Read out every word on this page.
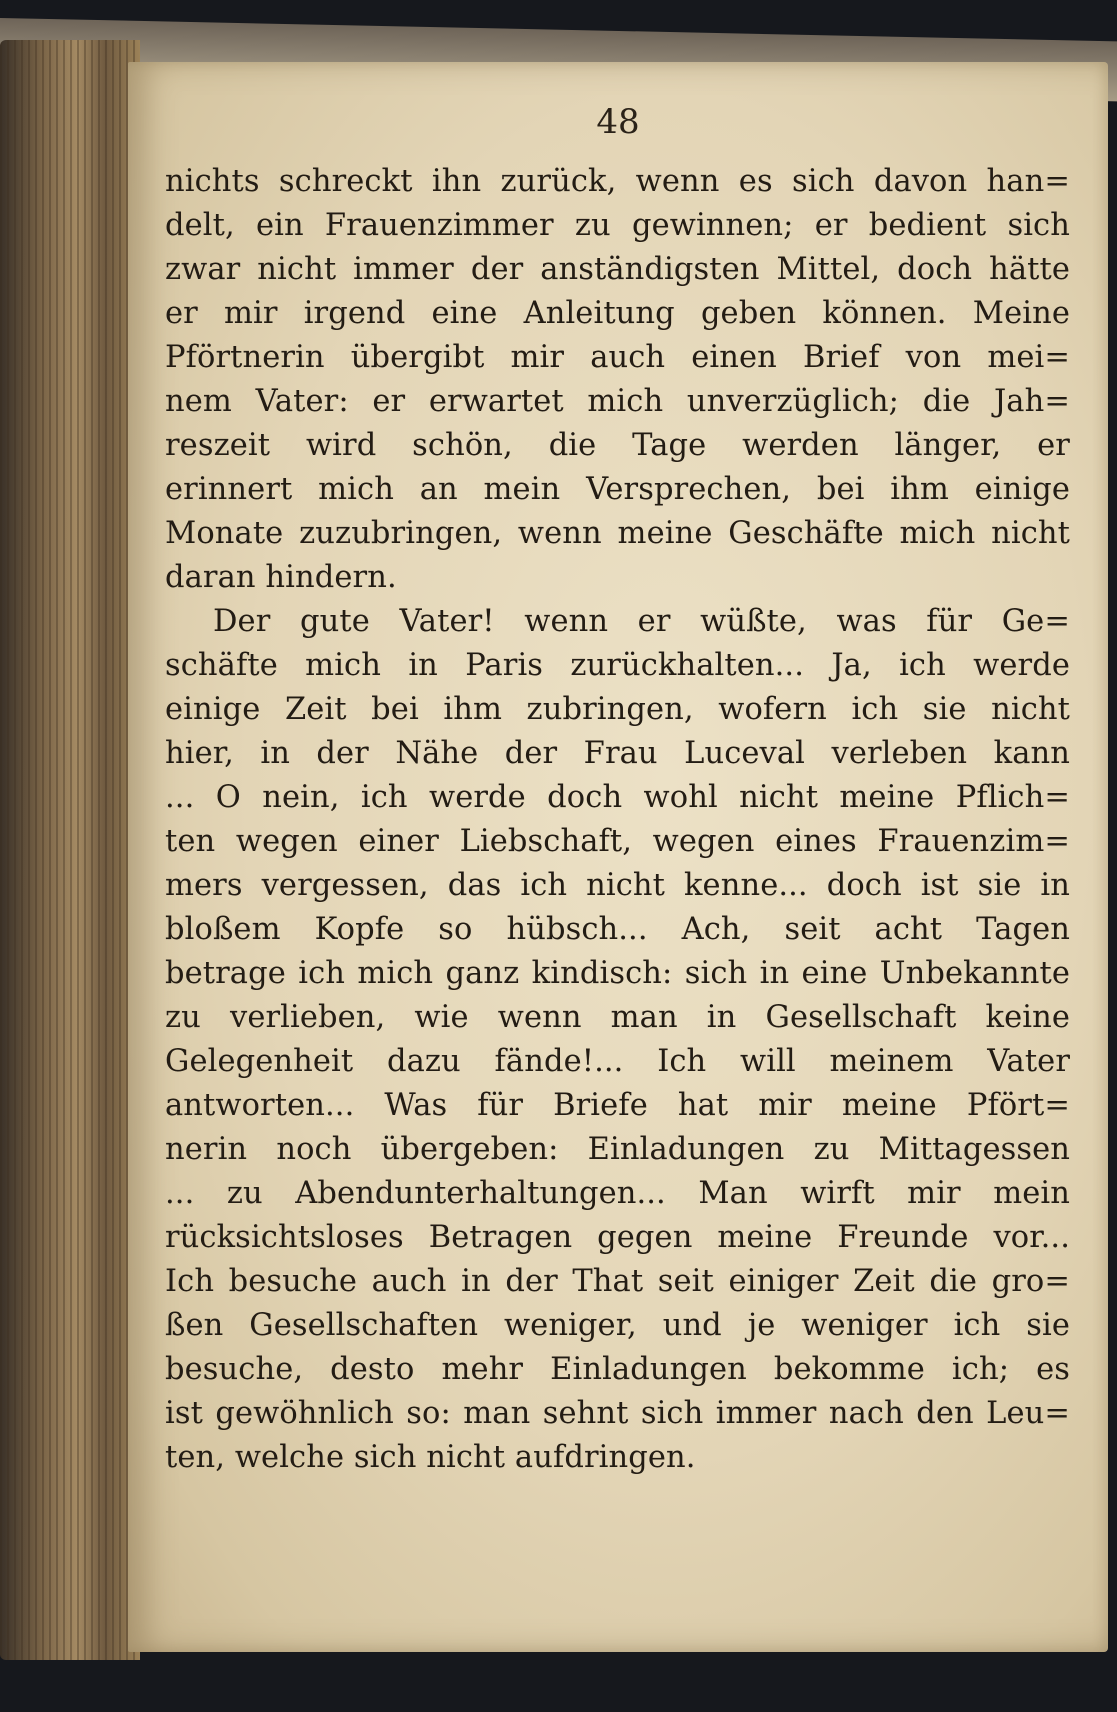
48
nichts schreckt ihn zurück, wenn es sich davon han=
delt, ein Frauenzimmer zu gewinnen; er bedient sich
zwar nicht immer der anständigsten Mittel, doch hätte
er mir irgend eine Anleitung geben können. Meine
Pförtnerin übergibt mir auch einen Brief von mei=
nem Vater: er erwartet mich unverzüglich; die Jah=
reszeit wird schön, die Tage werden länger, er
erinnert mich an mein Versprechen, bei ihm einige
Monate zuzubringen, wenn meine Geschäfte mich nicht
daran hindern.
Der gute Vater! wenn er wüßte, was für Ge=
schäfte mich in Paris zurückhalten... Ja, ich werde
einige Zeit bei ihm zubringen, wofern ich sie nicht
hier, in der Nähe der Frau Luceval verleben kann
... O nein, ich werde doch wohl nicht meine Pflich=
ten wegen einer Liebschaft, wegen eines Frauenzim=
mers vergessen, das ich nicht kenne... doch ist sie in
bloßem Kopfe so hübsch... Ach, seit acht Tagen
betrage ich mich ganz kindisch: sich in eine Unbekannte
zu verlieben, wie wenn man in Gesellschaft keine
Gelegenheit dazu fände!... Ich will meinem Vater
antworten... Was für Briefe hat mir meine Pfört=
nerin noch übergeben: Einladungen zu Mittagessen
... zu Abendunterhaltungen... Man wirft mir mein
rücksichtsloses Betragen gegen meine Freunde vor...
Ich besuche auch in der That seit einiger Zeit die gro=
ßen Gesellschaften weniger, und je weniger ich sie
besuche, desto mehr Einladungen bekomme ich; es
ist gewöhnlich so: man sehnt sich immer nach den Leu=
ten, welche sich nicht aufdringen.
